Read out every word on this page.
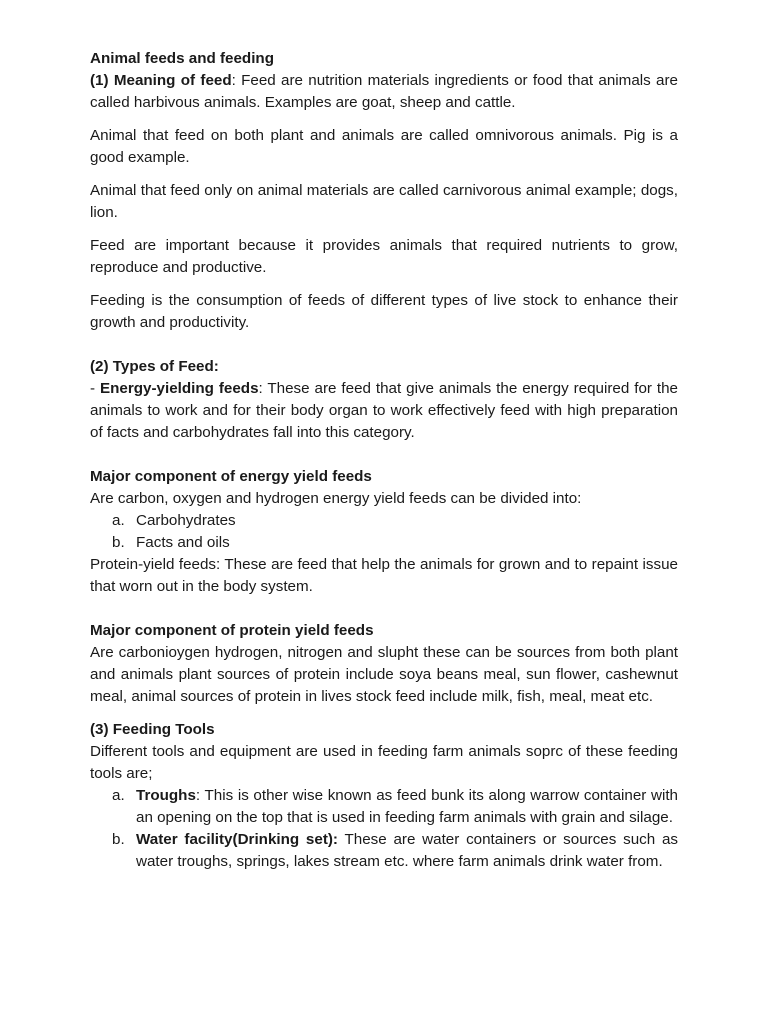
Animal feeds and feeding

(1) Meaning of feed: Feed are nutrition materials ingredients or food that animals are called harbivous animals. Examples are goat, sheep and cattle.

Animal that feed on both plant and animals are called omnivorous animals. Pig is a good example.

Animal that feed only on animal materials are called carnivorous animal example; dogs, lion.

Feed are important because it provides animals that required nutrients to grow, reproduce and productive.

Feeding is the consumption of feeds of different types of live stock to enhance their growth and productivity.

(2) Types of Feed:

- Energy-yielding feeds: These are feed that give animals the energy required for the animals to work and for their body organ to work effectively feed with high preparation of facts and carbohydrates fall into this category.

Major component of energy yield feeds

Are carbon, oxygen and hydrogen energy yield feeds can be divided into:

a. Carbohydrates
b. Facts and oils

Protein-yield feeds: These are feed that help the animals for grown and to repaint issue that worn out in the body system.

Major component of protein yield feeds

Are carbonioygen hydrogen, nitrogen and slupht these can be sources from both plant and animals plant sources of protein include soya beans meal, sun flower, cashewnut meal, animal sources of protein in lives stock feed include milk, fish, meal, meat etc.

(3) Feeding Tools

Different tools and equipment are used in feeding farm animals soprc of these feeding tools are;

a. Troughs: This is other wise known as feed bunk its along warrow container with an opening on the top that is used in feeding farm animals with grain and silage.
b. Water facility(Drinking set): These are water containers or sources such as water troughs, springs, lakes stream etc. where farm animals drink water from.
